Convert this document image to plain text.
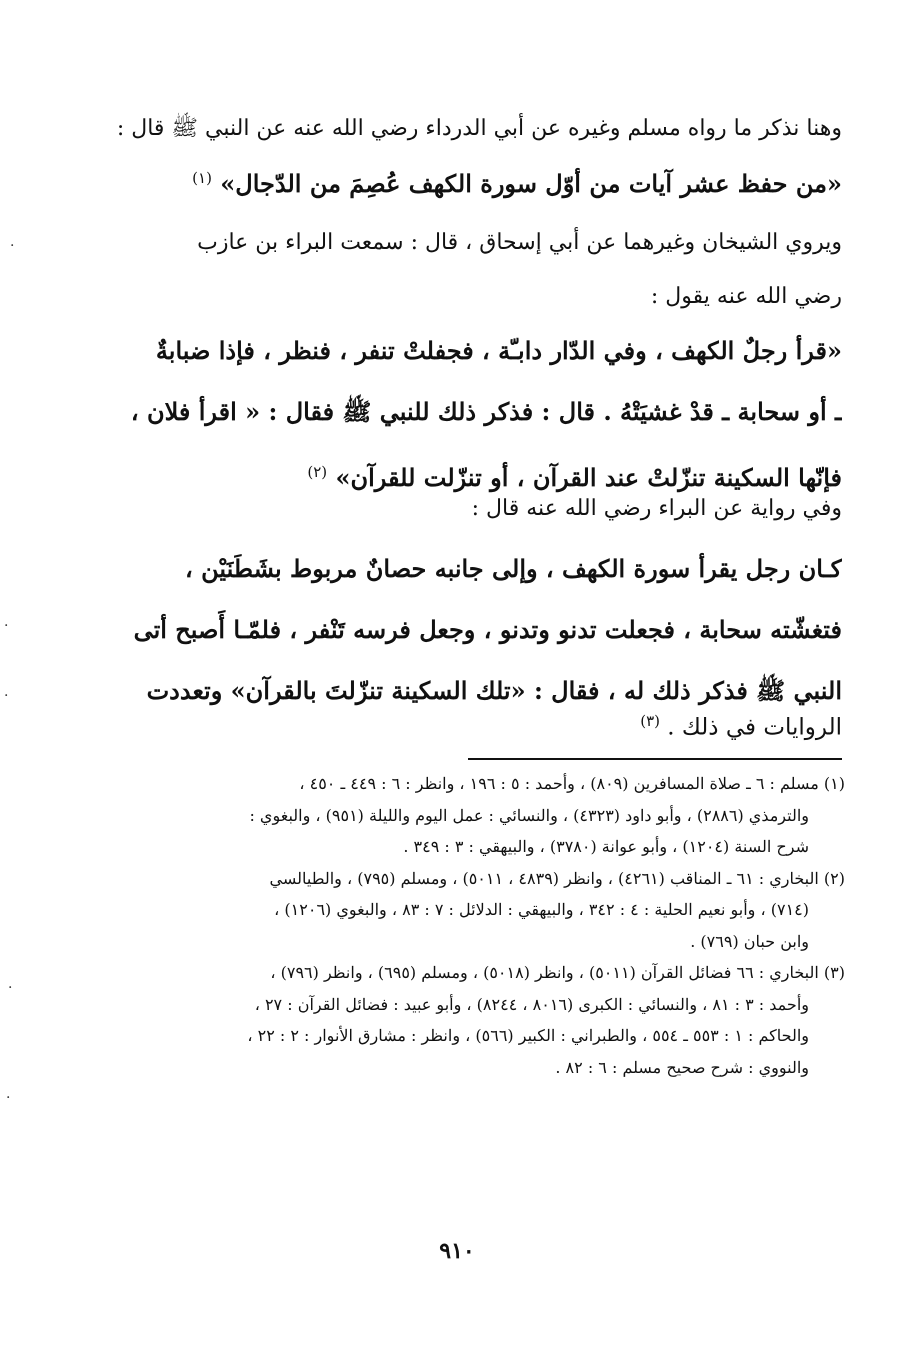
وهنا نذكر ما رواه مسلم وغيره عن أبي الدرداء رضي الله عنه عن النبي ﷺ قال :

«من حفظ عشر آيات من أوّل سورة الكهف عُصِمَ من الدّجال» $^{(١)}$

ويروي الشيخان وغيرهما عن أبي إسحاق ، قال : سمعت البراء بن عازب
رضي الله عنه يقول :

«قرأ رجلٌ الكهف ، وفي الدّار دابـّة ، فجفلتْ تنفر ، فنظر ، فإذا ضبابةٌ
ـ أو سحابة ـ قدْ غشيَتْهُ . قال : فذكر ذلك للنبي ﷺ فقال : « اقرأ فلان ،
فإنّها السكينة تنزّلتْ عند القرآن ، أو تنزّلت للقرآن» $^{(٢)}$

وفي رواية عن البراء رضي الله عنه قال :

كـان رجل يقرأ سورة الكهف ، وإلى جانبه حصانٌ مربوط بشَطَنَيْن ،
فتغشّته سحابة ، فجعلت تدنو وتدنو ، وجعل فرسه تَنْفر ، فلمّـا أَصبح أتى
النبي ﷺ فذكر ذلك له ، فقال : «تلك السكينة تنزّلتَ بالقرآن» وتعددت

الروايات في ذلك . $^{(٣)}$

(١) مسلم : ٦ ـ صلاة المسافرين (٨٠٩) ، وأحمد : ٥ : ١٩٦ ، وانظر : ٦ : ٤٤٩ ـ ٤٥٠ ،
والترمذي (٢٨٨٦) ، وأبو داود (٤٣٢٣) ، والنسائي : عمل اليوم والليلة (٩٥١) ، والبغوي :
شرح السنة (١٢٠٤) ، وأبو عوانة (٣٧٨٠) ، والبيهقي : ٣ : ٣٤٩ .
(٢) البخاري : ٦١ ـ المناقب (٤٢٦١) ، وانظر (٤٨٣٩ ، ٥٠١١) ، ومسلم (٧٩٥) ، والطيالسي
(٧١٤) ، وأبو نعيم الحلية : ٤ : ٣٤٢ ، والبيهقي : الدلائل : ٧ : ٨٣ ، والبغوي (١٢٠٦) ،
وابن حبان (٧٦٩) .
(٣) البخاري : ٦٦ فضائل القرآن (٥٠١١) ، وانظر (٥٠١٨) ، ومسلم (٦٩٥) ، وانظر (٧٩٦) ،
وأحمد : ٣ : ٨١ ، والنسائي : الكبرى (٨٠١٦ ، ٨٢٤٤) ، وأبو عبيد : فضائل القرآن : ٢٧ ،
والحاكم : ١ : ٥٥٣ ـ ٥٥٤ ، والطبراني : الكبير (٥٦٦) ، وانظر : مشارق الأنوار : ٢ : ٢٢ ،
والنووي : شرح صحيح مسلم : ٦ : ٨٢ .
٩١٠
·
·
·
·
·
